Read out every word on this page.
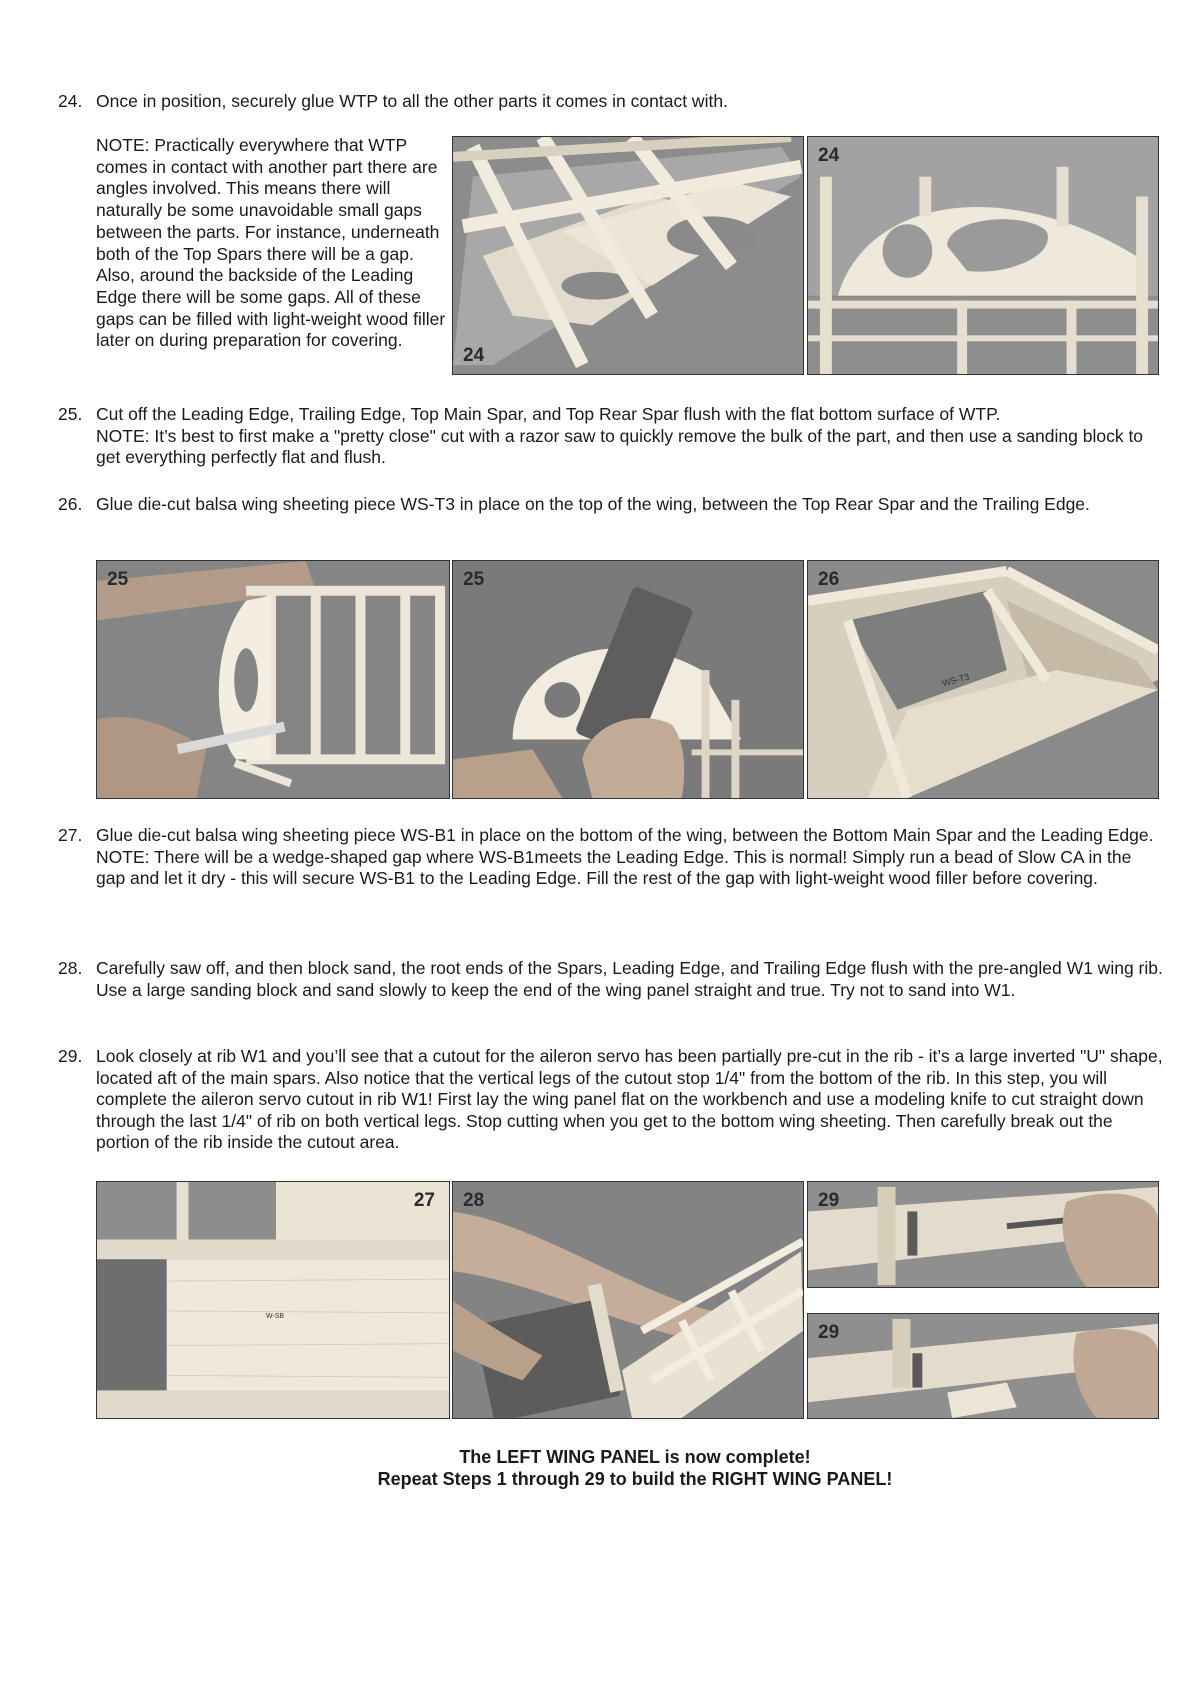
24. Once in position, securely glue WTP to all the other parts it comes in contact with.

NOTE: Practically everywhere that WTP comes in contact with another part there are angles involved. This means there will naturally be some unavoidable small gaps between the parts. For instance, underneath both of the Top Spars there will be a gap. Also, around the backside of the Leading Edge there will be some gaps. All of these gaps can be filled with light-weight wood filler later on during preparation for covering.
24
24
25. Cut off the Leading Edge, Trailing Edge, Top Main Spar, and Top Rear Spar flush with the flat bottom surface of WTP.

NOTE: It’s best to first make a "pretty close" cut with a razor saw to quickly remove the bulk of the part, and then use a sanding block to get everything perfectly flat and flush.

26. Glue die-cut balsa wing sheeting piece WS-T3 in place on the top of the wing, between the Top Rear Spar and the Trailing Edge.

25	25
WS-T3
26
27. Glue die-cut balsa wing sheeting piece WS-B1 in place on the bottom of the wing, between the Bottom Main Spar and the Leading Edge.

NOTE: There will be a wedge-shaped gap where WS-B1meets the Leading Edge. This is normal! Simply run a bead of Slow CA in the gap and let it dry - this will secure WS-B1 to the Leading Edge. Fill the rest of the gap with light-weight wood filler before covering.

28. Carefully saw off, and then block sand, the root ends of the Spars, Leading Edge, and Trailing Edge flush with the pre-angled W1 wing rib. Use a large sanding block and sand slowly to keep the end of the wing panel straight and true. Try not to sand into W1.

29. Look closely at rib W1 and you’ll see that a cutout for the aileron servo has been partially pre-cut in the rib - it’s a large inverted "U" shape, located aft of the main spars. Also notice that the vertical legs of the cutout stop 1/4" from the bottom of the rib. In this step, you will complete the aileron servo cutout in rib W1! First lay the wing panel flat on the workbench and use a modeling knife to cut straight down through the last 1/4" of rib on both vertical legs. Stop cutting when you get to the bottom wing sheeting. Then carefully break out the portion of the rib inside the cutout area.

W-SB
27 28	29
29
The LEFT WING PANEL is now complete!
Repeat Steps 1 through 29 to build the RIGHT WING PANEL!
